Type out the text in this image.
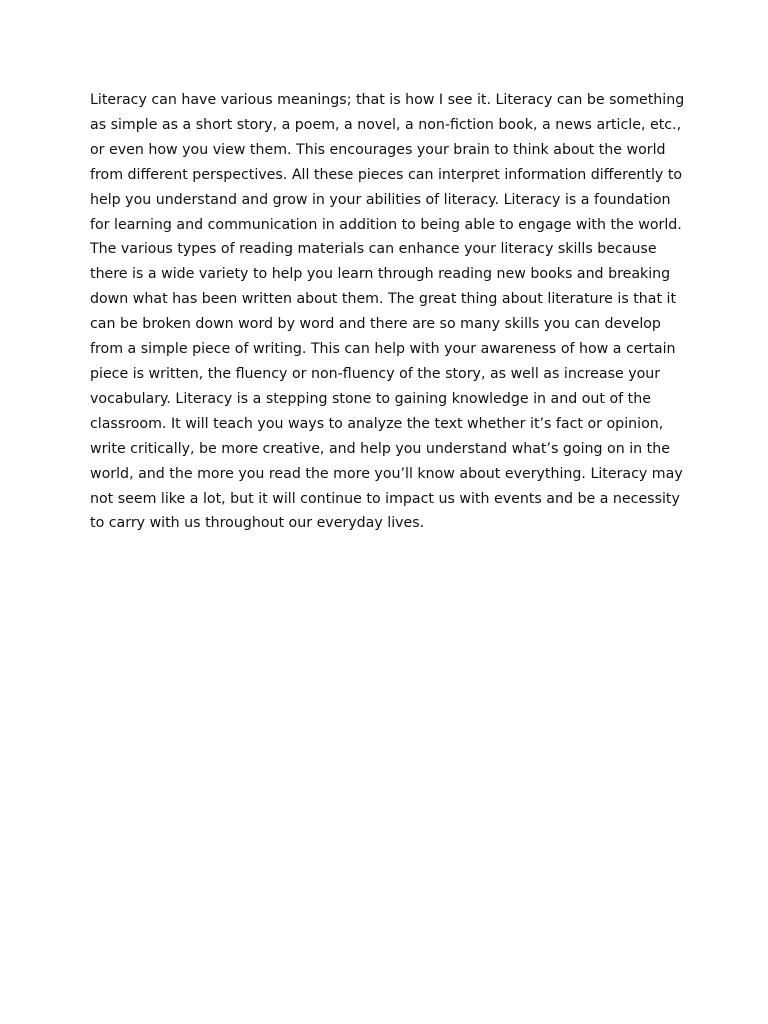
Literacy can have various meanings; that is how I see it. Literacy can be something
as simple as a short story, a poem, a novel, a non-fiction book, a news article, etc.,
or even how you view them. This encourages your brain to think about the world
from different perspectives. All these pieces can interpret information differently to
help you understand and grow in your abilities of literacy. Literacy is a foundation
for learning and communication in addition to being able to engage with the world.
The various types of reading materials can enhance your literacy skills because
there is a wide variety to help you learn through reading new books and breaking
down what has been written about them. The great thing about literature is that it
can be broken down word by word and there are so many skills you can develop
from a simple piece of writing. This can help with your awareness of how a certain
piece is written, the fluency or non-fluency of the story, as well as increase your
vocabulary. Literacy is a stepping stone to gaining knowledge in and out of the
classroom. It will teach you ways to analyze the text whether it’s fact or opinion,
write critically, be more creative, and help you understand what’s going on in the
world, and the more you read the more you’ll know about everything. Literacy may
not seem like a lot, but it will continue to impact us with events and be a necessity
to carry with us throughout our everyday lives.
